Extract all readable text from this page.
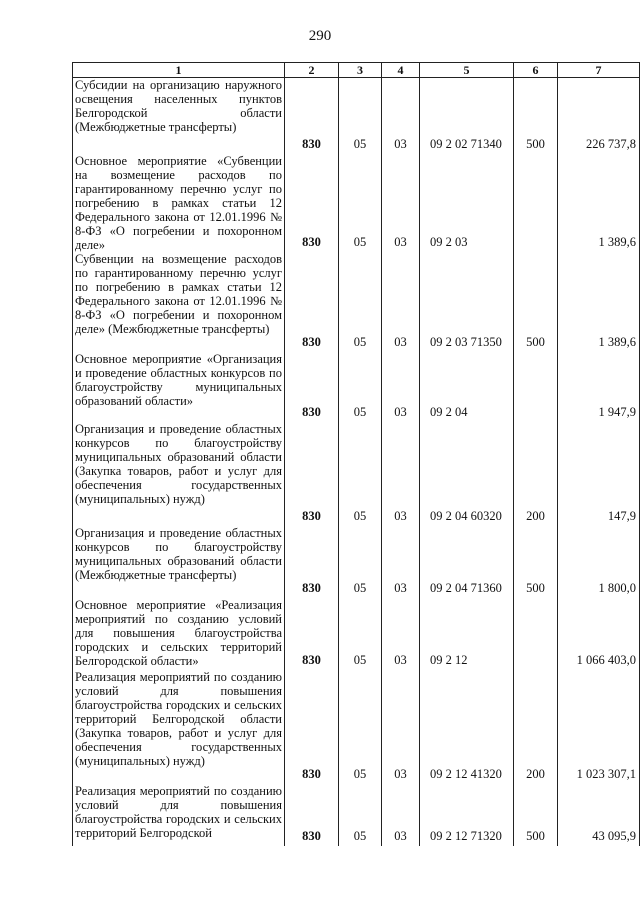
290
1	2	3	4	5	6	7
Субсидии на организацию наружного освещения населенных пунктов Белгородской области (Межбюджетные трансферты)	830	05	03	09 2 02 71340	500	226 737,8
Основное мероприятие «Субвенции на возмещение расходов по гарантированному перечню услуг по погребению в рамках статьи 12 Федерального закона от 12.01.1996 № 8-ФЗ «О погребении и похоронном деле»	830	05	03	09 2 03		1 389,6
Субвенции на возмещение расходов по гарантированному перечню услуг по погребению в рамках статьи 12 Федерального закона от 12.01.1996 № 8-ФЗ «О погребении и похоронном деле» (Межбюджетные трансферты)	830	05	03	09 2 03 71350	500	1 389,6
Основное мероприятие «Организация и проведение областных конкурсов по благоустройству муниципальных образований области»	830	05	03	09 2 04		1 947,9
Организация и проведение областных конкурсов по благоустройству муниципальных образований области (Закупка товаров, работ и услуг для обеспечения государственных (муниципальных) нужд)	830	05	03	09 2 04 60320	200	147,9
Организация и проведение областных конкурсов по благоустройству муниципальных образований области (Межбюджетные трансферты)	830	05	03	09 2 04 71360	500	1 800,0
Основное мероприятие «Реализация мероприятий по созданию условий для повышения благоустройства городских и сельских территорий Белгородской области»	830	05	03	09 2 12		1 066 403,0
Реализация мероприятий по созданию условий для повышения благоустройства городских и сельских территорий Белгородской области (Закупка товаров, работ и услуг для обеспечения государственных (муниципальных) нужд)	830	05	03	09 2 12 41320	200	1 023 307,1
Реализация мероприятий по созданию условий для повышения благоустройства городских и сельских территорий Белгородской	830	05	03	09 2 12 71320	500	43 095,9
